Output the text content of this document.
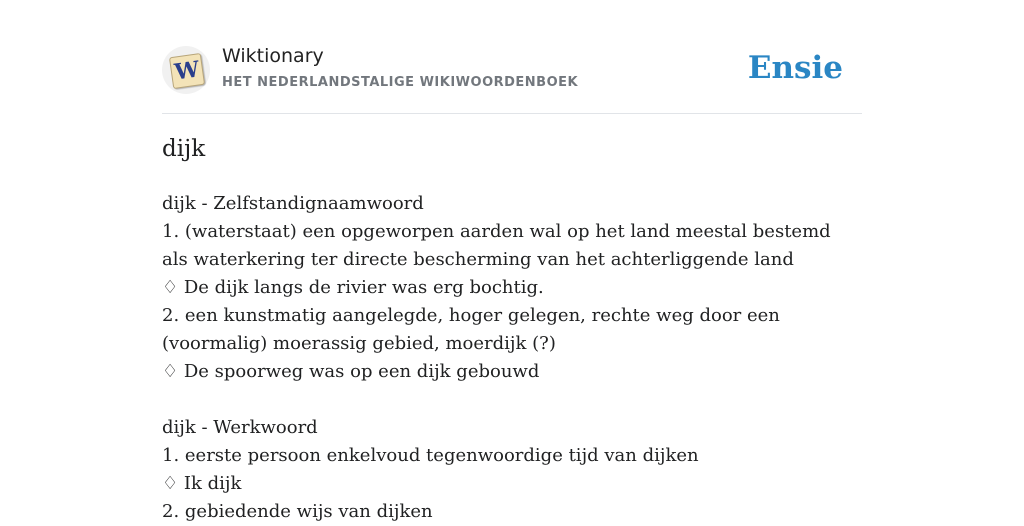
W
Wiktionary
HET NEDERLANDSTALIGE WIKIWOORDENBOEK	Ensie
dijk
dijk - Zelfstandignaamwoord
1. (waterstaat) een opgeworpen aarden wal op het land meestal bestemd als waterkering ter directe bescherming van het achterliggende land
♢ De dijk langs de rivier was erg bochtig.
2. een kunstmatig aangelegde, hoger gelegen, rechte weg door een (voormalig) moerassig gebied, moerdijk (?)
♢ De spoorweg was op een dijk gebouwd
dijk - Werkwoord
1. eerste persoon enkelvoud tegenwoordige tijd van dijken
♢ Ik dijk
2. gebiedende wijs van dijken
